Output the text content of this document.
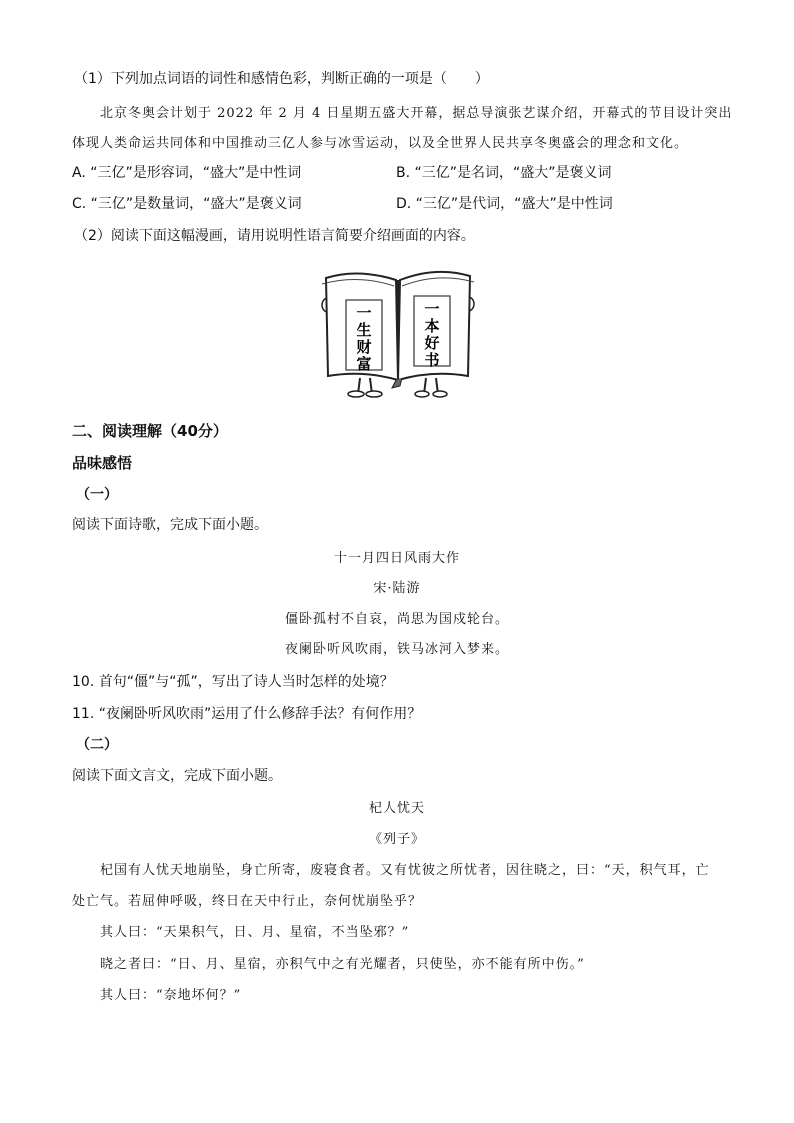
（1）下列加点词语的词性和感情色彩，判断正确的一项是（　　）
北京冬奥会计划于 2022 年 2 月 4 日星期五盛大开幕，据总导演张艺谋介绍，开幕式的节目设计突出
体现人类命运共同体和中国推动三亿人参与冰雪运动，以及全世界人民共享冬奥盛会的理念和文化。
A. “三亿”是形容词，“盛大”是中性词	B. “三亿”是名词，“盛大”是褒义词
C. “三亿”是数量词，“盛大”是褒义词	D. “三亿”是代词，“盛大”是中性词
（2）阅读下面这幅漫画，请用说明性语言简要介绍画面的内容。
一
生
财
富
一
本
好
书
二、阅读理解（40分）
品味感悟
（一）
阅读下面诗歌，完成下面小题。
十一月四日风雨大作
宋·陆游
僵卧孤村不自哀，尚思为国戍轮台。
夜阑卧听风吹雨，铁马冰河入梦来。
10. 首句“僵”与“孤”，写出了诗人当时怎样的处境？
11. “夜阑卧听风吹雨”运用了什么修辞手法？有何作用？
（二）
阅读下面文言文，完成下面小题。
杞人忧天
《列子》
杞国有人忧天地崩坠，身亡所寄，废寝食者。又有忧彼之所忧者，因往晓之，曰：“天，积气耳，亡
处亡气。若屈伸呼吸，终日在天中行止，奈何忧崩坠乎？
其人曰：“天果积气，日、月、星宿，不当坠邪？”
晓之者曰：“日、月、星宿，亦积气中之有光耀者，只使坠，亦不能有所中伤。”
其人曰：“奈地坏何？”
